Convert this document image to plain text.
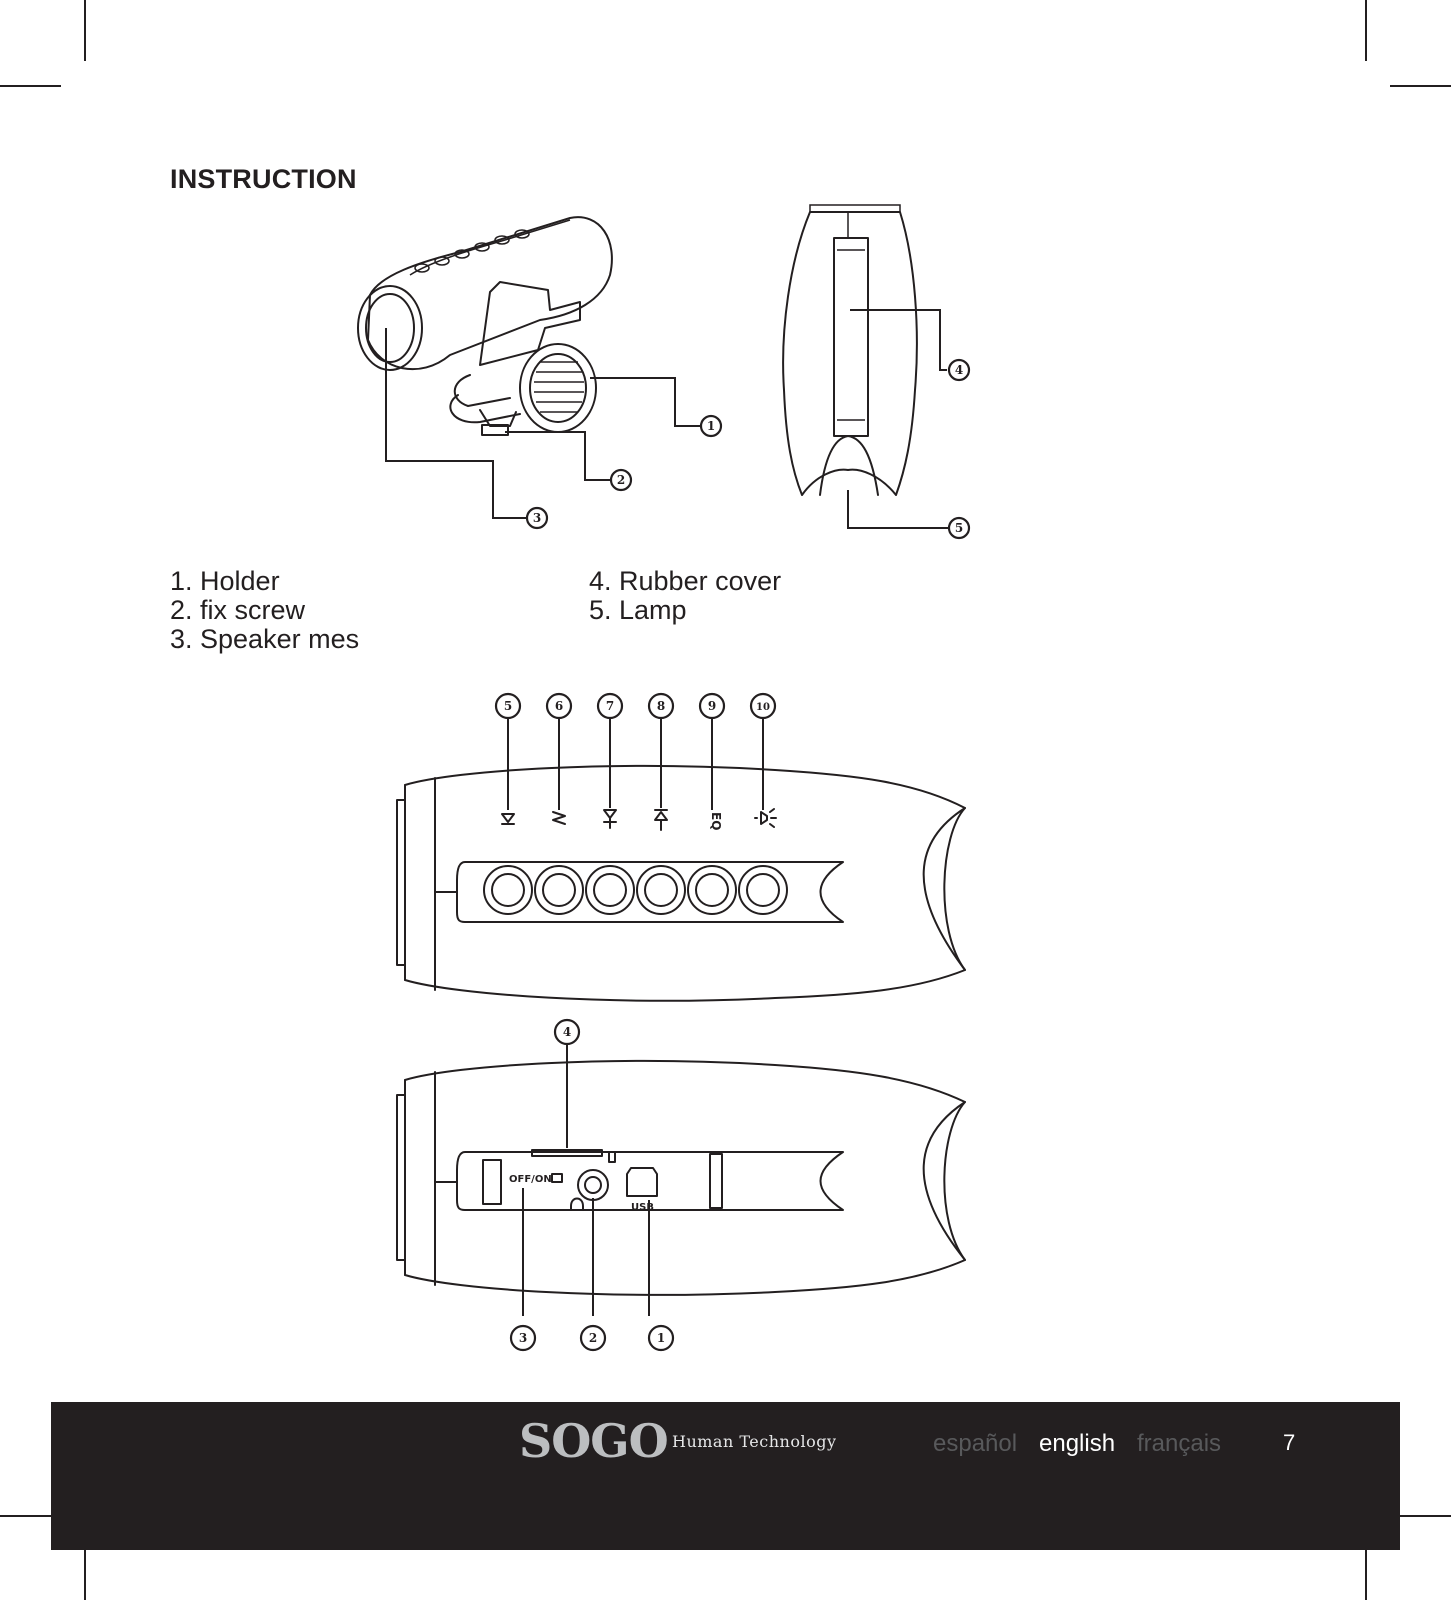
INSTRUCTION
1
2
3
4
5
1. Holder
2. fix screw
3. Speaker mes
4. Rubber cover
5. Lamp
EQ
5	6	7	8	9	10
OFF/ON
USB
4
3	2	1
SOGO Human Technology	español english français	7
